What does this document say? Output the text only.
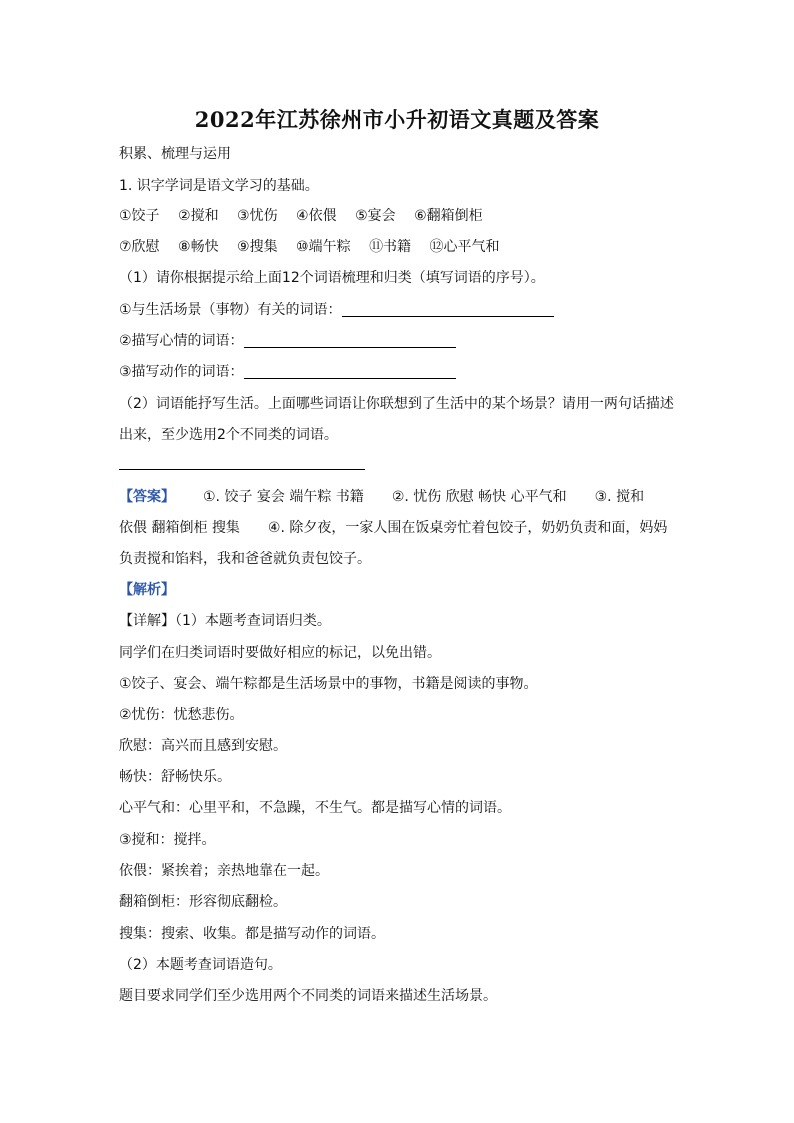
2022年江苏徐州市小升初语文真题及答案
积累、梳理与运用
1. 识字学词是语文学习的基础。
①饺子 ②搅和 ③忧伤 ④依偎 ⑤宴会 ⑥翻箱倒柜
⑦欣慰 ⑧畅快 ⑨搜集 ⑩端午粽 ⑪书籍 ⑫心平气和
（1）请你根据提示给上面12个词语梳理和归类（填写词语的序号）。
①与生活场景（事物）有关的词语：
②描写心情的词语：
③描写动作的词语：
（2）词语能抒写生活。上面哪些词语让你联想到了生活中的某个场景？请用一两句话描述
出来，至少选用2个不同类的词语。
【答案】 ①. 饺子 宴会 端午粽 书籍 ②. 忧伤 欣慰 畅快 心平气和 ③. 搅和
依偎 翻箱倒柜 搜集 ④. 除夕夜，一家人围在饭桌旁忙着包饺子，奶奶负责和面，妈妈
负责搅和馅料，我和爸爸就负责包饺子。
【解析】
【详解】（1）本题考查词语归类。
同学们在归类词语时要做好相应的标记，以免出错。
①饺子、宴会、端午粽都是生活场景中的事物，书籍是阅读的事物。
②忧伤：忧愁悲伤。
欣慰：高兴而且感到安慰。
畅快：舒畅快乐。
心平气和：心里平和，不急躁，不生气。都是描写心情的词语。
③搅和：搅拌。
依偎：紧挨着；亲热地靠在一起。
翻箱倒柜：形容彻底翻检。
搜集：搜索、收集。都是描写动作的词语。
（2）本题考查词语造句。
题目要求同学们至少选用两个不同类的词语来描述生活场景。
